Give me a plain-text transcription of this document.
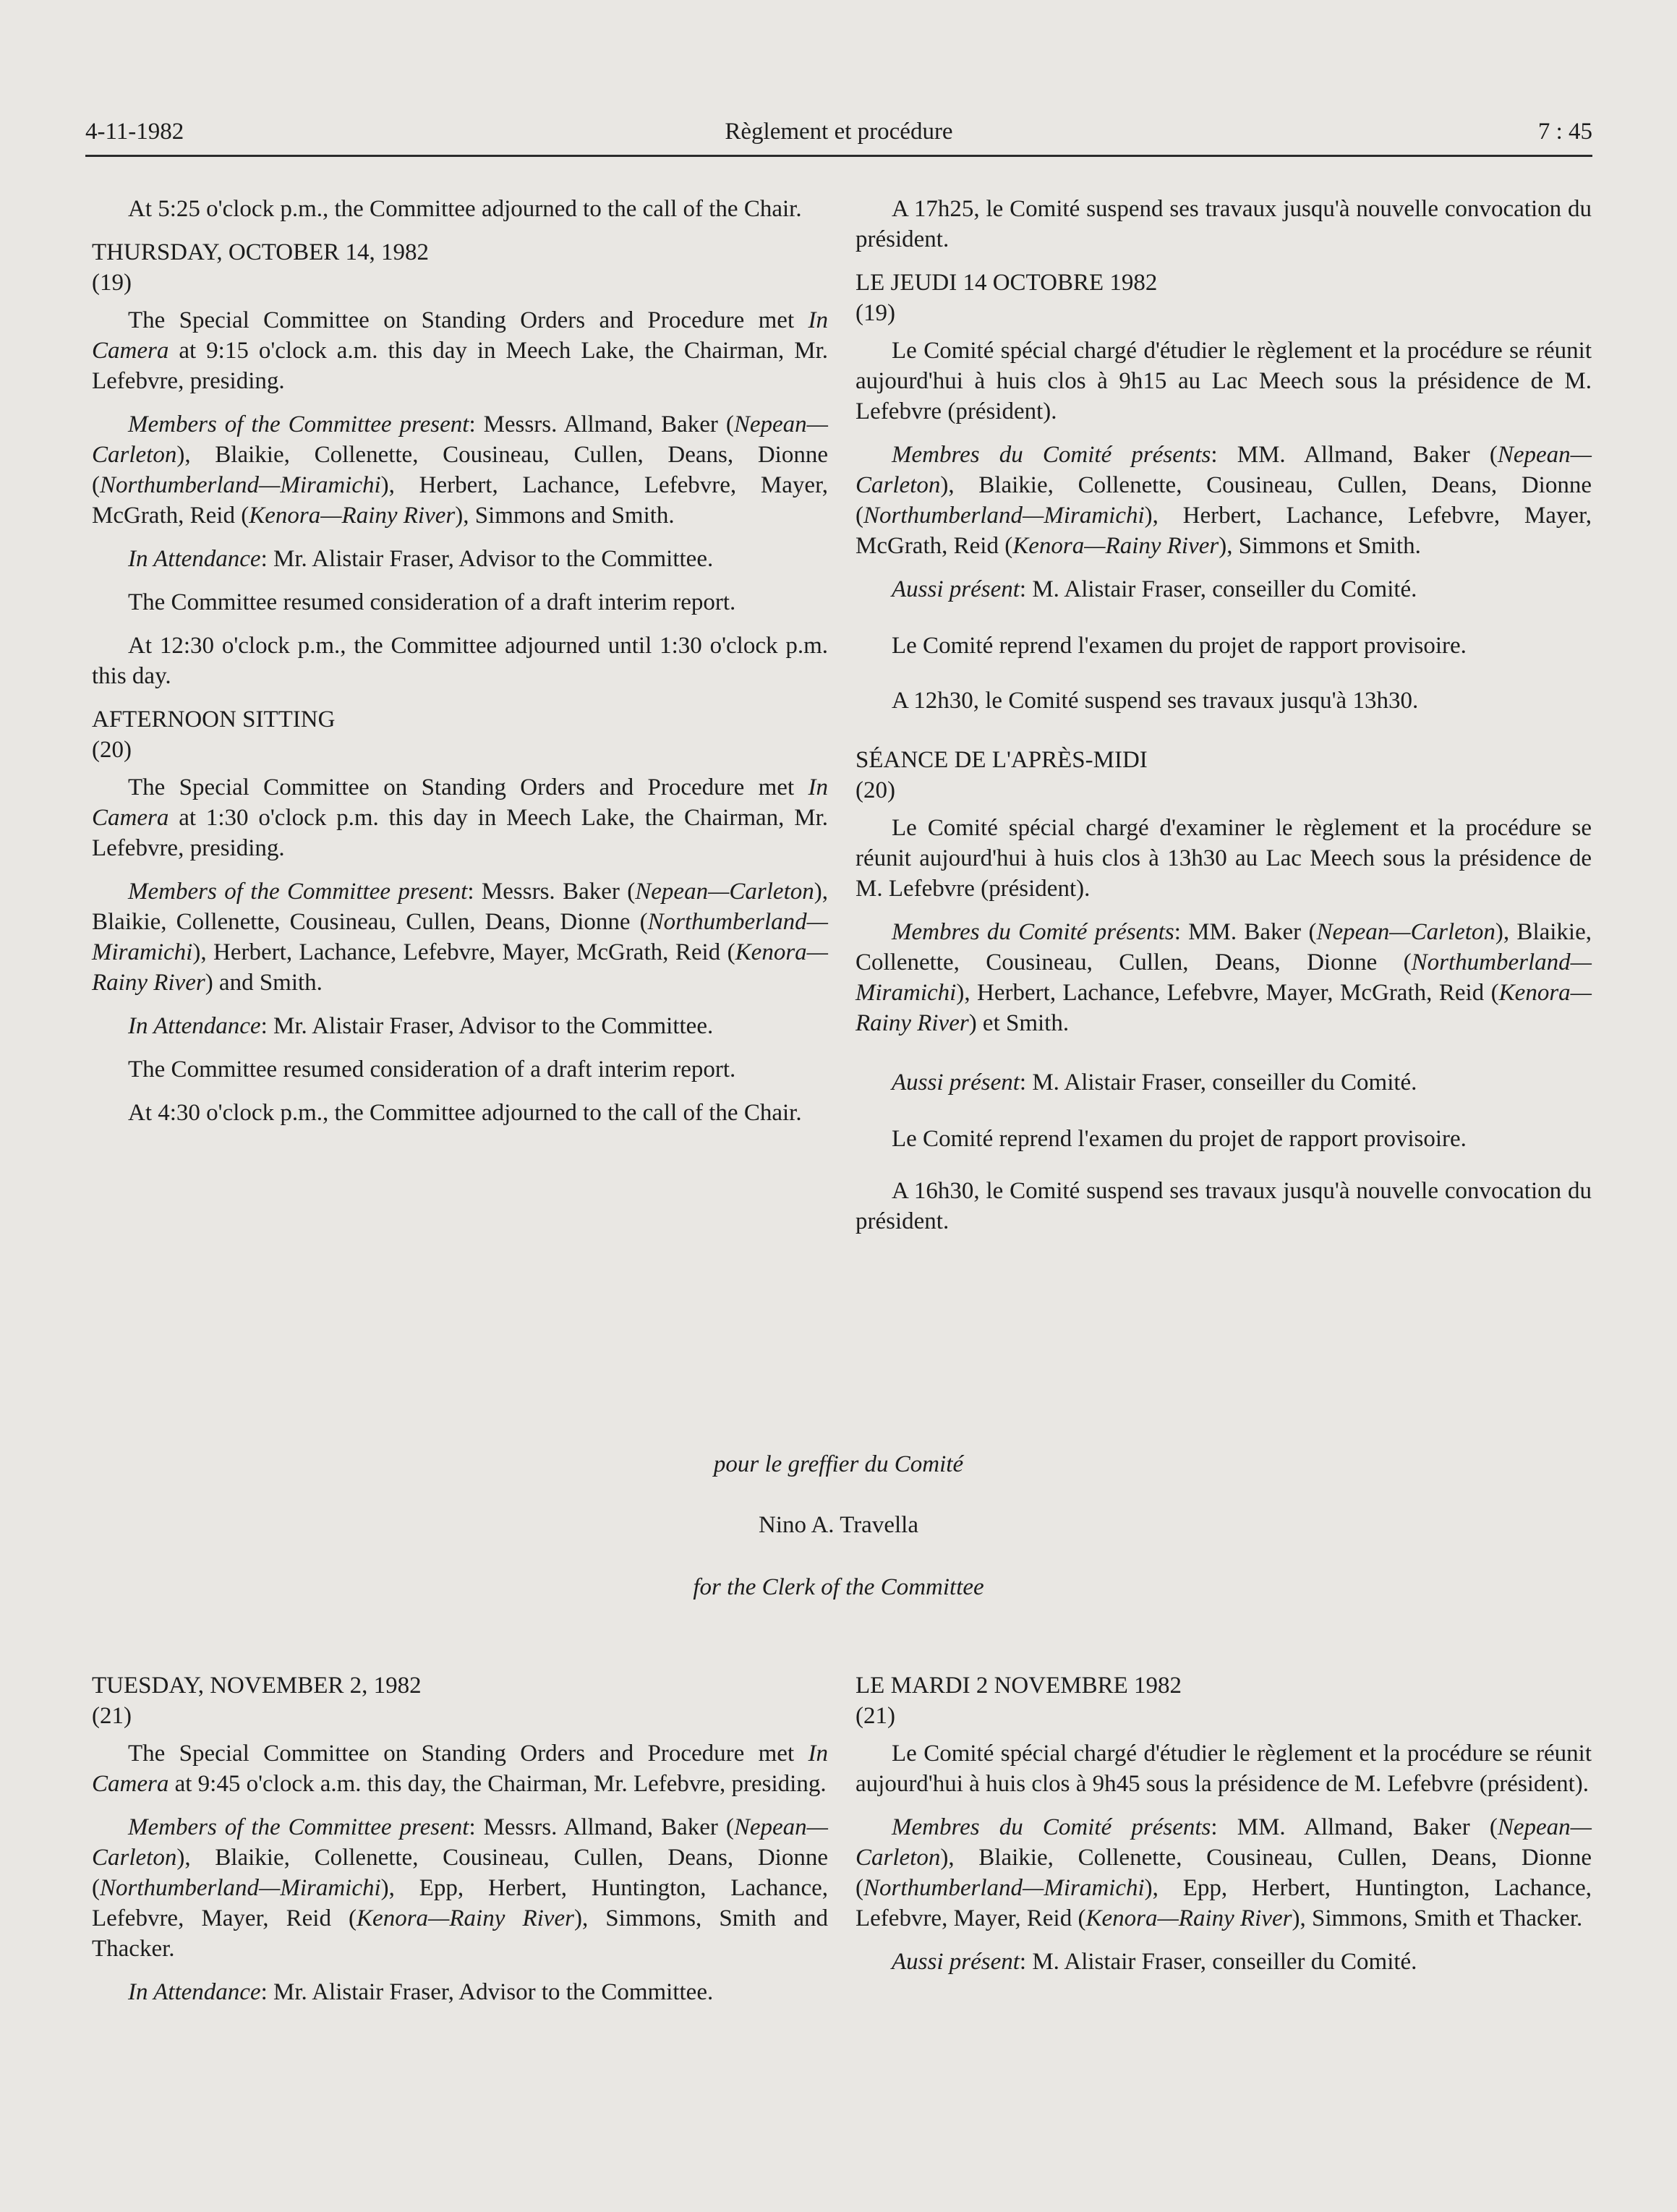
4-11-1982	Règlement et procédure	7 : 45

At 5:25 o'clock p.m., the Committee adjourned to the call of the Chair.

THURSDAY, OCTOBER 14, 1982
(19)

The Special Committee on Standing Orders and Procedure met In Camera at 9:15 o'clock a.m. this day in Meech Lake, the Chairman, Mr. Lefebvre, presiding.

Members of the Committee present: Messrs. Allmand, Baker (Nepean—Carleton), Blaikie, Collenette, Cousineau, Cullen, Deans, Dionne (Northumberland—Miramichi), Herbert, Lachance, Lefebvre, Mayer, McGrath, Reid (Kenora—Rainy River), Simmons and Smith.

In Attendance: Mr. Alistair Fraser, Advisor to the Committee.

The Committee resumed consideration of a draft interim report.

At 12:30 o'clock p.m., the Committee adjourned until 1:30 o'clock p.m. this day.

AFTERNOON SITTING
(20)

The Special Committee on Standing Orders and Procedure met In Camera at 1:30 o'clock p.m. this day in Meech Lake, the Chairman, Mr. Lefebvre, presiding.

Members of the Committee present: Messrs. Baker (Nepean—Carleton), Blaikie, Collenette, Cousineau, Cullen, Deans, Dionne (Northumberland—Miramichi), Herbert, Lachance, Lefebvre, Mayer, McGrath, Reid (Kenora—Rainy River) and Smith.

In Attendance: Mr. Alistair Fraser, Advisor to the Committee.

The Committee resumed consideration of a draft interim report.

At 4:30 o'clock p.m., the Committee adjourned to the call of the Chair.

A 17h25, le Comité suspend ses travaux jusqu'à nouvelle convocation du président.

LE JEUDI 14 OCTOBRE 1982
(19)

Le Comité spécial chargé d'étudier le règlement et la procédure se réunit aujourd'hui à huis clos à 9h15 au Lac Meech sous la présidence de M. Lefebvre (président).

Membres du Comité présents: MM. Allmand, Baker (Nepean—Carleton), Blaikie, Collenette, Cousineau, Cullen, Deans, Dionne (Northumberland—Miramichi), Herbert, Lachance, Lefebvre, Mayer, McGrath, Reid (Kenora—Rainy River), Simmons et Smith.

Aussi présent: M. Alistair Fraser, conseiller du Comité.

Le Comité reprend l'examen du projet de rapport provisoire.

A 12h30, le Comité suspend ses travaux jusqu'à 13h30.

SÉANCE DE L'APRÈS-MIDI
(20)

Le Comité spécial chargé d'examiner le règlement et la procédure se réunit aujourd'hui à huis clos à 13h30 au Lac Meech sous la présidence de M. Lefebvre (président).

Membres du Comité présents: MM. Baker (Nepean—Carleton), Blaikie, Collenette, Cousineau, Cullen, Deans, Dionne (Northumberland—Miramichi), Herbert, Lachance, Lefebvre, Mayer, McGrath, Reid (Kenora—Rainy River) et Smith.

Aussi présent: M. Alistair Fraser, conseiller du Comité.

Le Comité reprend l'examen du projet de rapport provisoire.

A 16h30, le Comité suspend ses travaux jusqu'à nouvelle convocation du président.

pour le greffier du Comité
Nino A. Travella
for the Clerk of the Committee
TUESDAY, NOVEMBER 2, 1982
(21)

The Special Committee on Standing Orders and Procedure met In Camera at 9:45 o'clock a.m. this day, the Chairman, Mr. Lefebvre, presiding.

Members of the Committee present: Messrs. Allmand, Baker (Nepean—Carleton), Blaikie, Collenette, Cousineau, Cullen, Deans, Dionne (Northumberland—Miramichi), Epp, Herbert, Huntington, Lachance, Lefebvre, Mayer, Reid (Kenora—Rainy River), Simmons, Smith and Thacker.

In Attendance: Mr. Alistair Fraser, Advisor to the Committee.

LE MARDI 2 NOVEMBRE 1982
(21)

Le Comité spécial chargé d'étudier le règlement et la procédure se réunit aujourd'hui à huis clos à 9h45 sous la présidence de M. Lefebvre (président).

Membres du Comité présents: MM. Allmand, Baker (Nepean—Carleton), Blaikie, Collenette, Cousineau, Cullen, Deans, Dionne (Northumberland—Miramichi), Epp, Herbert, Huntington, Lachance, Lefebvre, Mayer, Reid (Kenora—Rainy River), Simmons, Smith et Thacker.

Aussi présent: M. Alistair Fraser, conseiller du Comité.
